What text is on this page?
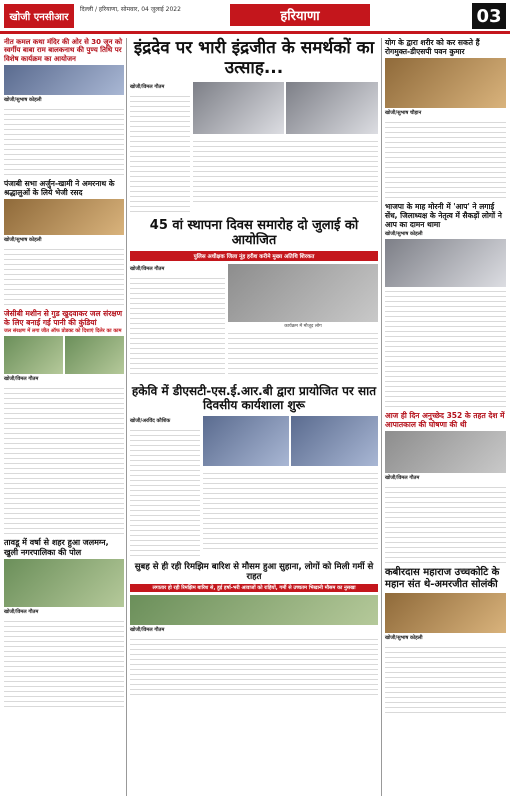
खोजी एनसीआर
दिल्ली / हरियाणा, सोमवार, 04 जुलाई 2022	हरियाणा	03
नीत कमल कथा मंदिर की ओर से 30 जून को स्वर्गीय बाबा राम बालकनाथ की पुण्य तिथि पर विशेष कार्यक्रम का आयोजन
खोजी/सुभाष कोहली
पंजाबी सभा अर्जुन-खामी ने अमरनाथ के श्रद्धालुओं के लिये भेजी रसद
खोजी/सुभाष कोहली
जेसीबी मशीन से गुड खुदवाकर जल संरक्षण के लिए बनाई गई पानी की कुंडियां
जल संरक्षण में लगा जीत ऑफ प्रोडक्ट को दिशाएं दिलेर का काम
खोजी/विमल गौतम
तावडू में वर्षा से शहर हुआ जलमग्न, खुली नगरपालिका की पोल
खोजी/विमल गौतम
इंद्रदेव पर भारी इंद्रजीत के समर्थकों का उत्साह...
खोजी/विमल गौतम
45 वां स्थापना दिवस समारोह दो जुलाई को आयोजित
पुलिस अधीक्षक जिला नूंह हरीश करीमे मुख्य अतिथि शिरकत
खोजी/विमल गौतम
कार्यक्रम में मौजूद लोग
हकेवि में डीएसटी-एस.ई.आर.बी द्वारा प्रायोजित पर सात दिवसीय कार्यशाला शुरू
खोजी/अरविंद कौशिक
सुबह से ही रही रिमझिम बारिश से मौसम हुआ सुहाना, लोगों को मिली गर्मी से राहत
लगातार हो रही रिमझिम बारिश से, हुई हर्षा-भरी आवाजों को राहियों, गर्मी से उच्चतम भिखानी मौसम का नुसखा
खोजी/विमल गौतम
योग के द्वारा शरीर को कर सकते हैं रोगमुक्त-डीएसपी पवन कुमार
खोजी/सुभाष चौहान
भाजपा के माह मोरनी में 'आप' ने लगाई सेंध, जिलाध्यक्ष के नेतृत्व में सैकड़ों लोगों ने आप का दामन थामा
खोजी/सुभाष कोहली
आज ही दिन अनुच्छेद 352 के तहत देश में आपातकाल की घोषणा की थी
खोजी/विमल गौतम
कबीरदास महाराज उच्चकोटि के महान संत थे-अमरजीत सोलंकी
खोजी/सुभाष कोहली
